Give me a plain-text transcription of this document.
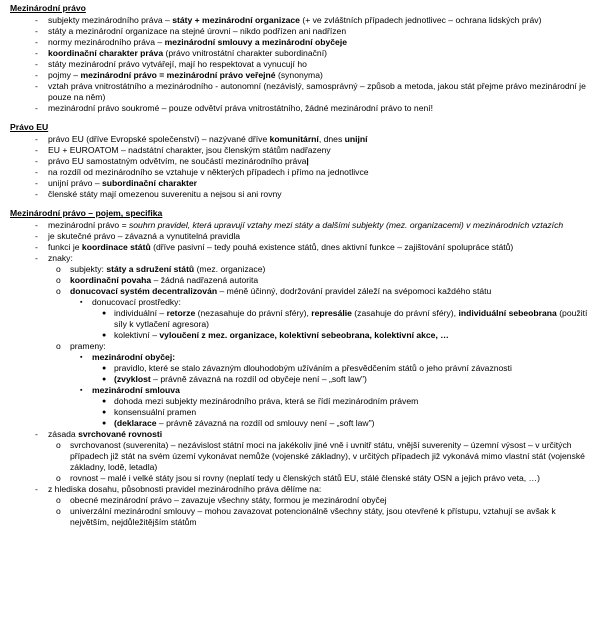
Mezinárodní právo
- subjekty mezinárodního práva – státy + mezinárodní organizace (+ ve zvláštních případech jednotlivec – ochrana lidských práv)
- státy a mezinárodní organizace na stejné úrovni – nikdo podřízen ani nadřízen
- normy mezinárodního práva – mezinárodní smlouvy a mezinárodní obyčeje
- koordinační charakter práva (právo vnitrostátní charakter subordinační)
- státy mezinárodní právo vytvářejí, mají ho respektovat a vynucují ho
- pojmy – mezinárodní právo = mezinárodní právo veřejné (synonyma)
- vztah práva vnitrostátního a mezinárodního - autonomní (nezávislý, samosprávný – způsob a metoda, jakou stát přejme právo mezinárodní je pouze na něm)
- mezinárodní právo soukromé – pouze odvětví práva vnitrostátního, žádné mezinárodní právo to není!
Právo EU
- právo EU (dříve Evropské společenství) – nazývané dříve komunitární, dnes unijní
- EU + EUROATOM – nadstátní charakter, jsou členským státům nadřazeny
- právo EU samostatným odvětvím, ne součástí mezinárodního práva|
- na rozdíl od mezinárodního se vztahuje v některých případech i přímo na jednotlivce
- unijní právo – subordinační charakter
- členské státy mají omezenou suverenitu a nejsou si ani rovny
Mezinárodní právo – pojem, specifika
- mezinárodní právo = souhrn pravidel, která upravují vztahy mezi státy a dalšími subjekty (mez. organizacemi) v mezinárodních vztazích
- je skutečné právo – závazná a vynutitelná pravidla
- funkci je koordinace států (dříve pasivní – tedy pouhá existence států, dnes aktivní funkce – zajištování spolupráce států)
- znaky:
o subjekty: státy a sdružení států (mez. organizace)
o koordinační povaha – žádná nadřazená autorita
o donucovací systém decentralizován – méně účinný, dodržování pravidel záleží na svépomoci každého státu
▪ donucovací prostředky:
● individuální – retorze (nezasahuje do právní sféry), represálie (zasahuje do právní sféry), individuální sebeobrana (použití síly k vytlačení agresora)
● kolektivní – vylоučení z mez. organizace, kolektivní sebeobrana, kolektivní akce, …
o prameny:
▪ mezinárodní obyčej:
● pravidlo, které se stalo závazným dlouhodobým užíváním a přesvědčením států o jeho právní závaznosti
● (zvyklost – právně závazná na rozdíl od obyčeje není – „soft law")
▪ mezinárodní smlouva
● dohoda mezi subjekty mezinárodního práva, která se řídí mezinárodním právem
● konsensuální pramen
● (deklarace – právně závazná na rozdíl od smlouvy není – „soft law")
- zásada svrchované rovnosti
o svrchovanost (suverenita) – nezávislost státní moci na jakékoliv jiné vně i uvnitř státu, vnější suverenity – územní výsost – v určitých případech již stát na svém území vykonávat nemůže (vojenské základny), v určitých případech již vykonává mimo vlastní stát (vojenské základny, lodě, letadla)
o rovnost – malé i velké státy jsou si rovny (neplatí tedy u členských států EU, stálé členské státy OSN a jejich právo veta, …)
- z hlediska dosahu, působnosti pravidel mezinárodního práva dělíme na:
o obecné mezinárodní právo – zavazuje všechny státy, formou je mezinárodní obyčej
o univerzální mezinárodní smlouvy – mohou zavazovat potencionálně všechny státy, jsou otevřené k přístupu, vztahují se avšak k největším, nejdůležitějším státům
